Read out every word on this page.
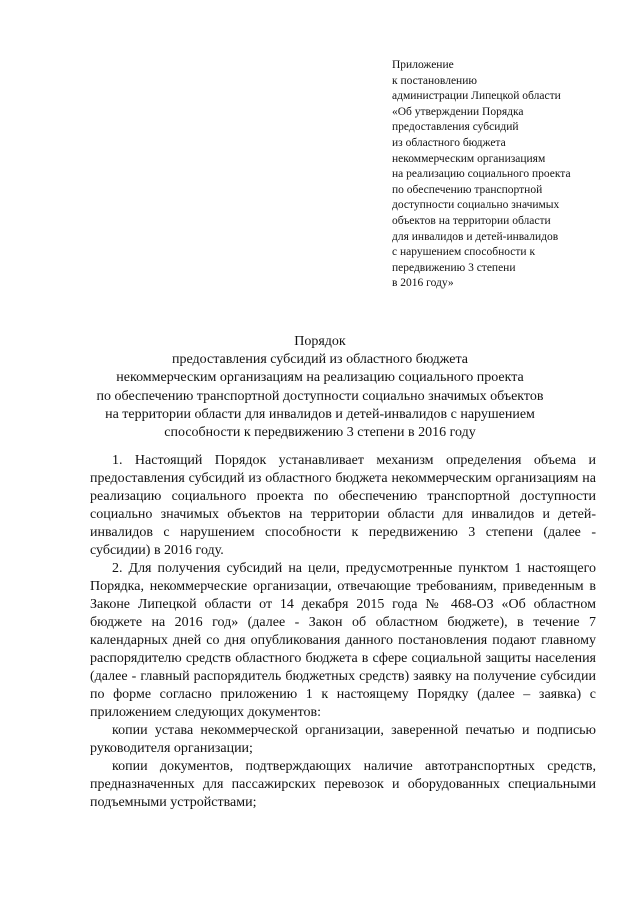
Приложение
к постановлению
администрации Липецкой области
«Об утверждении Порядка
предоставления субсидий
из областного бюджета
некоммерческим организациям
на реализацию социального проекта
по обеспечению транспортной
доступности социально значимых
объектов на территории области
для инвалидов и детей-инвалидов
с нарушением способности к
передвижению 3 степени
в 2016 году»
Порядок
предоставления субсидий из областного бюджета
некоммерческим организациям на реализацию социального проекта
по обеспечению транспортной доступности социально значимых объектов
на территории области для инвалидов и детей-инвалидов с нарушением
способности к передвижению 3 степени в 2016 году

1. Настоящий Порядок устанавливает механизм определения объема и предоставления субсидий из областного бюджета некоммерческим организациям на реализацию социального проекта по обеспечению транспортной доступности социально значимых объектов на территории области для инвалидов и детей-инвалидов с нарушением способности к передвижению 3 степени (далее - субсидии) в 2016 году.

2. Для получения субсидий на цели, предусмотренные пунктом 1 настоящего Порядка, некоммерческие организации, отвечающие требованиям, приведенным в Законе Липецкой области от 14 декабря 2015 года № 468-ОЗ «Об областном бюджете на 2016 год» (далее - Закон об областном бюджете), в течение 7 календарных дней со дня опубликования данного постановления подают главному распорядителю средств областного бюджета в сфере социальной защиты населения (далее - главный распорядитель бюджетных средств) заявку на получение субсидии по форме согласно приложению 1 к настоящему Порядку (далее – заявка) с приложением следующих документов:

копии устава некоммерческой организации, заверенной печатью и подписью руководителя организации;

копии документов, подтверждающих наличие автотранспортных средств, предназначенных для пассажирских перевозок и оборудованных специальными подъемными устройствами;
